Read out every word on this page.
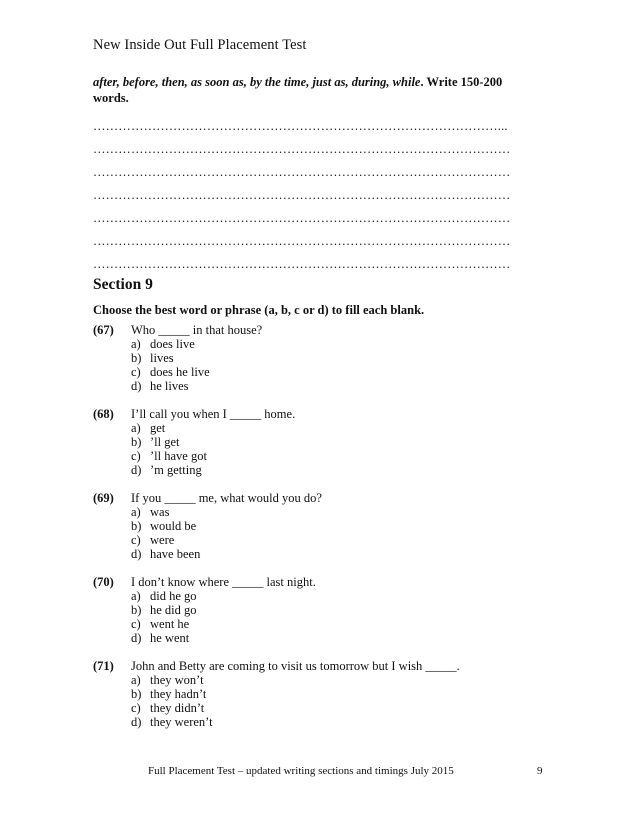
New Inside Out Full Placement Test
after, before, then, as soon as, by the time, just as, during, while. Write 150-200 words.
……………………………………………………………………………………...
………………………………………………………………………………………
………………………………………………………………………………………
………………………………………………………………………………………
………………………………………………………………………………………
………………………………………………………………………………………
………………………………………………………………………………………
Section 9
Choose the best word or phrase (a, b, c or d) to fill each blank.
(67)	Who _____ in that house?
a) does live
b) lives
c) does he live
d) he lives
(68)	I’ll call you when I _____ home.
a) get
b) ’ll get
c) ’ll have got
d) ’m getting
(69)	If you _____ me, what would you do?
a) was
b) would be
c) were
d) have been
(70)	I don’t know where _____ last night.
a) did he go
b) he did go
c) went he
d) he went
(71)	John and Betty are coming to visit us tomorrow but I wish _____.
a) they won’t
b) they hadn’t
c) they didn’t
d) they weren’t
Full Placement Test – updated writing sections and timings July 2015	9
